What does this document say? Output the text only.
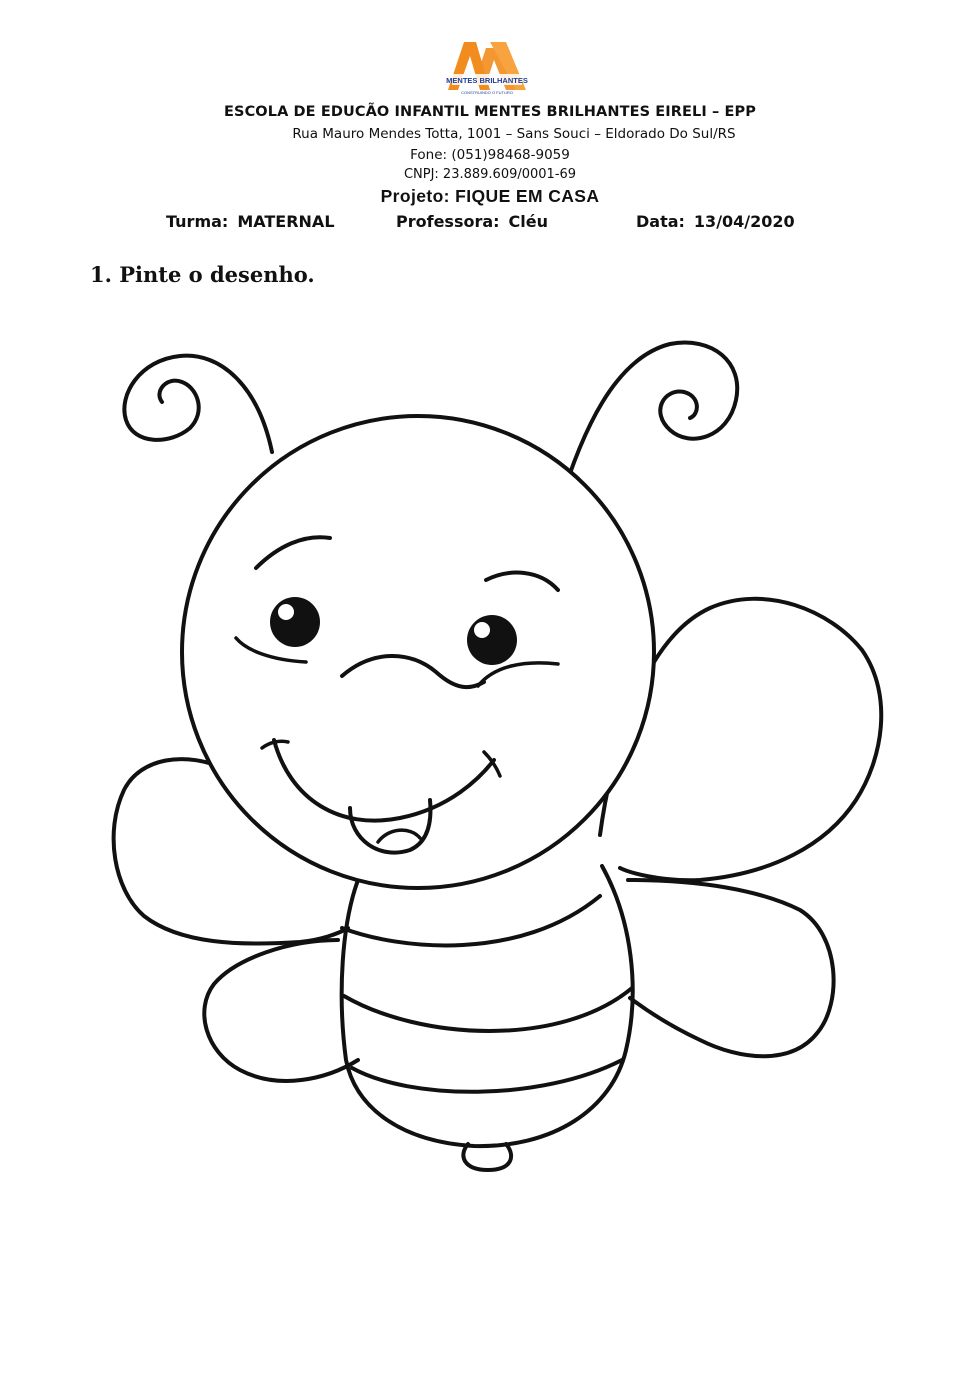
MENTES BRILHANTES
CONSTRUINDO O FUTURO
ESCOLA DE EDUCÃO INFANTIL MENTES BRILHANTES EIRELI – EPP
Rua Mauro Mendes Totta, 1001 – Sans Souci – Eldorado Do Sul/RS
Fone: (051)98468-9059
CNPJ: 23.889.609/0001-69
Projeto: FIQUE EM CASA
Turma: MATERNAL	Professora: Cléu	Data: 13/04/2020
1. Pinte o desenho.
